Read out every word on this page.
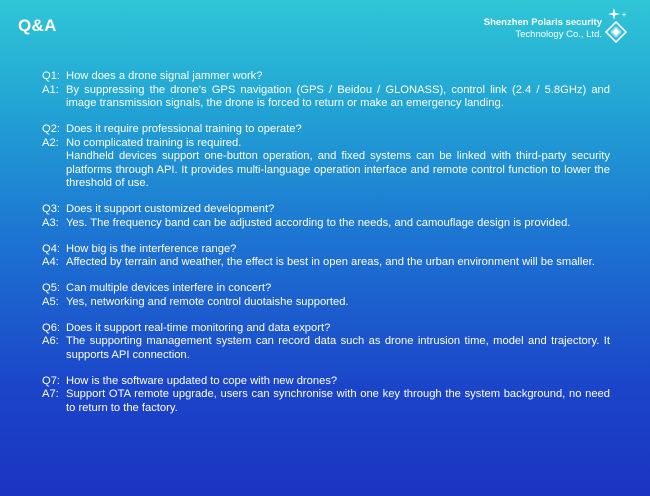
Q&A	Shenzhen Polaris security
Technology Co., Ltd.
Q1: How does a drone signal jammer work?
A1: By suppressing the drone's GPS navigation (GPS / Beidou / GLONASS), control link (2.4 / 5.8GHz) and image transmission signals, the drone is forced to return or make an emergency landing.
Q2: Does it require professional training to operate?
A2: No complicated training is required.
Handheld devices support one-button operation, and fixed systems can be linked with third-party security platforms through API. It provides multi-language operation interface and remote control function to lower the threshold of use.
Q3: Does it support customized development?
A3: Yes. The frequency band can be adjusted according to the needs, and camouflage design is provided.
Q4: How big is the interference range?
A4: Affected by terrain and weather, the effect is best in open areas, and the urban environment will be smaller.
Q5: Can multiple devices interfere in concert?
A5: Yes, networking and remote control duotaishe supported.
Q6: Does it support real-time monitoring and data export?
A6: The supporting management system can record data such as drone intrusion time, model and trajectory. It supports API connection.
Q7: How is the software updated to cope with new drones?
A7: Support OTA remote upgrade, users can synchronise with one key through the system background, no need to return to the factory.
